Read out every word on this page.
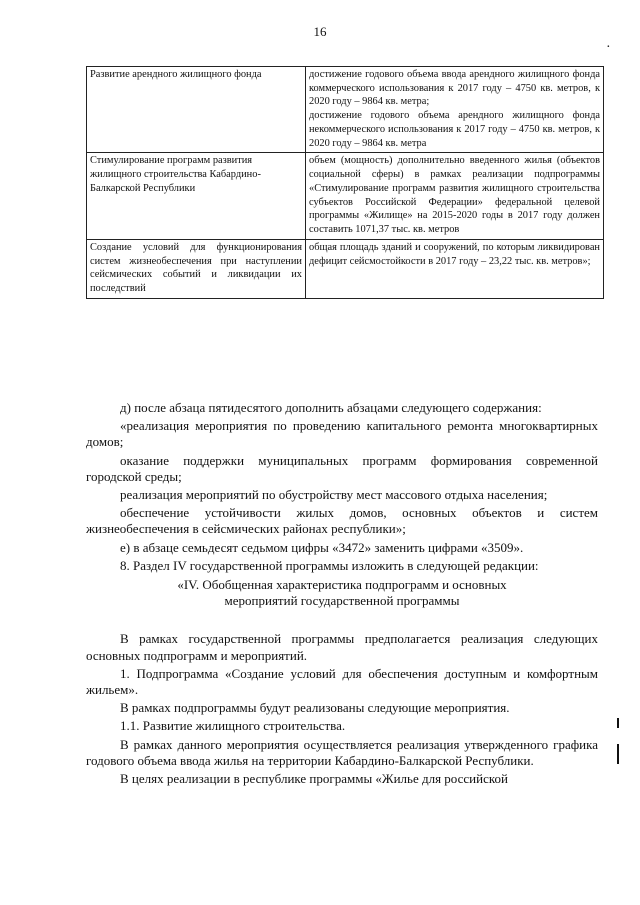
16
·
Развитие арендного жилищного фонда	достижение годового объема ввода арендного жилищного фонда коммерческого использования к 2017 году – 4750 кв. метров, к 2020 году – 9864 кв. метра;
достижение годового объема арендного жилищного фонда некоммерческого использования к 2017 году – 4750 кв. метров, к 2020 году – 9864 кв. метра

Стимулирование программ развития жилищного строительства Кабардино-Балкарской Республики	объем (мощность) дополнительно введенного жилья (объектов социальной сферы) в рамках реализации подпрограммы «Стимулирование программ развития жилищного строительства субъектов Российской Федерации» федеральной целевой программы «Жилище» на 2015-2020 годы в 2017 году должен составить 1071,37 тыс. кв. метров
Создание условий для функционирования систем жизнеобеспечения при наступлении сейсмических событий и ликвидации их последствий	общая площадь зданий и сооружений, по которым ликвидирован дефицит сейсмостойкости в 2017 году – 23,22 тыс. кв. метров»;

д) после абзаца пятидесятого дополнить абзацами следующего содержания:

«реализация мероприятия по проведению капитального ремонта многоквартирных домов;

оказание поддержки муниципальных программ формирования современной городской среды;

реализация мероприятий по обустройству мест массового отдыха населения;

обеспечение устойчивости жилых домов, основных объектов и систем жизнеобеспечения в сейсмических районах республики»;

е) в абзаце семьдесят седьмом цифры «3472» заменить цифрами «3509».

8. Раздел IV государственной программы изложить в следующей редакции:

«IV. Обобщенная характеристика подпрограмм и основных
мероприятий государственной программы

В рамках государственной программы предполагается реализация следующих основных подпрограмм и мероприятий.

1. Подпрограмма «Создание условий для обеспечения доступным и комфортным жильем».

В рамках подпрограммы будут реализованы следующие мероприятия.

1.1. Развитие жилищного строительства.

В рамках данного мероприятия осуществляется реализация утвержденного графика годового объема ввода жилья на территории Кабардино-Балкарской Республики.

В целях реализации в республике программы «Жилье для российской
